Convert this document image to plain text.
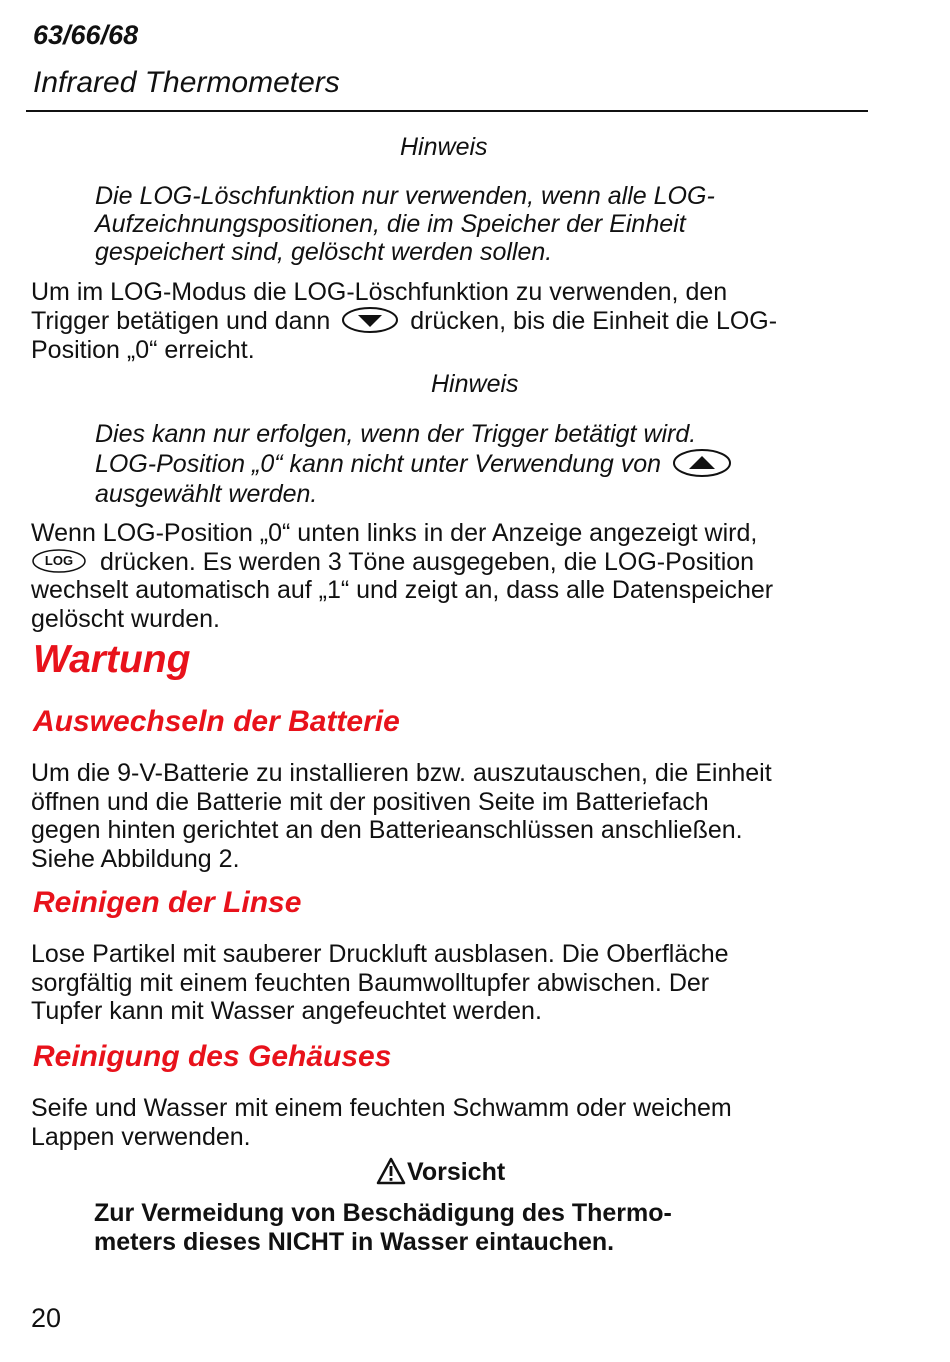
63/66/68
Infrared Thermometers
Hinweis
Die LOG-Löschfunktion nur verwenden, wenn alle LOG-
Aufzeichnungspositionen, die im Speicher der Einheit
gespeichert sind, gelöscht werden sollen.
Um im LOG-Modus die LOG-Löschfunktion zu verwenden, den
Trigger betätigen und dann	drücken, bis die Einheit die LOG-
Position „0“ erreicht.
Hinweis
Dies kann nur erfolgen, wenn der Trigger betätigt wird.
LOG-Position „0“ kann nicht unter Verwendung von
ausgewählt werden.
Wenn LOG-Position „0“ unten links in der Anzeige angezeigt wird,
LOG	drücken. Es werden 3 Töne ausgegeben, die LOG-Position
wechselt automatisch auf „1“ und zeigt an, dass alle Datenspeicher
gelöscht wurden.
Wartung
Auswechseln der Batterie
Um die 9-V-Batterie zu installieren bzw. auszutauschen, die Einheit
öffnen und die Batterie mit der positiven Seite im Batteriefach
gegen hinten gerichtet an den Batterieanschlüssen anschließen.
Siehe Abbildung 2.
Reinigen der Linse
Lose Partikel mit sauberer Druckluft ausblasen. Die Oberfläche
sorgfältig mit einem feuchten Baumwolltupfer abwischen. Der
Tupfer kann mit Wasser angefeuchtet werden.
Reinigung des Gehäuses
Seife und Wasser mit einem feuchten Schwamm oder weichem
Lappen verwenden.
Vorsicht
Zur Vermeidung von Beschädigung des Thermo-
meters dieses NICHT in Wasser eintauchen.
20
